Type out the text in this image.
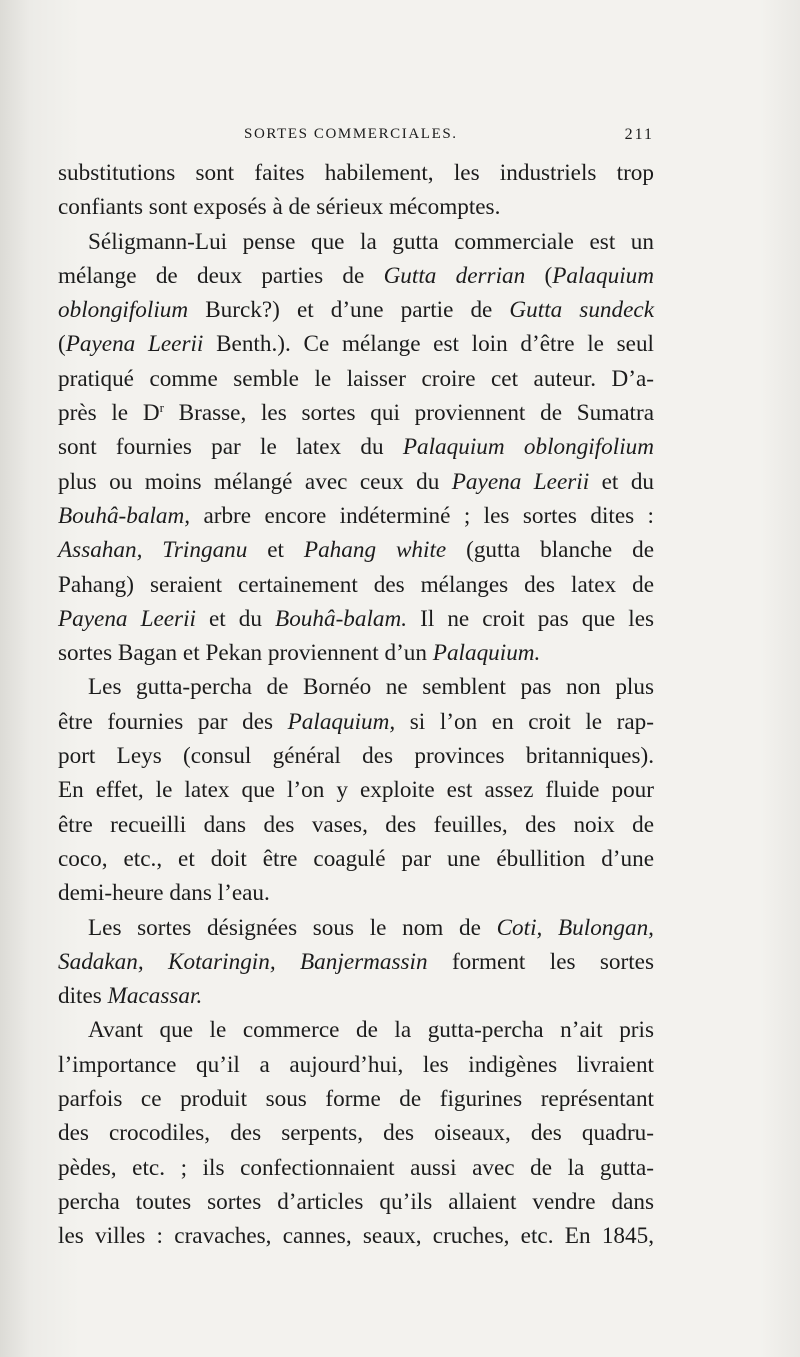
SORTES COMMERCIALES.	211
substitutions sont faites habilement, les industriels trop
confiants sont exposés à de sérieux mécomptes.
Séligmann-Lui pense que la gutta commerciale est un
mélange de deux parties de Gutta derrian (Palaquium
oblongifolium Burck?) et d’une partie de Gutta sundeck
(Payena Leerii Benth.). Ce mélange est loin d’être le seul
pratiqué comme semble le laisser croire cet auteur. D’a-
près le $D^r$ Brasse, les sortes qui proviennent de Sumatra
sont fournies par le latex du Palaquium oblongifolium
plus ou moins mélangé avec ceux du Payena Leerii et du
Bouhâ-balam, arbre encore indéterminé ; les sortes dites :
Assahan, Tringanu et Pahang white (gutta blanche de
Pahang) seraient certainement des mélanges des latex de
Payena Leerii et du Bouhâ-balam. Il ne croit pas que les
sortes Bagan et Pekan proviennent d’un Palaquium.
Les gutta-percha de Bornéo ne semblent pas non plus
être fournies par des Palaquium, si l’on en croit le rap-
port Leys (consul général des provinces britanniques).
En effet, le latex que l’on y exploite est assez fluide pour
être recueilli dans des vases, des feuilles, des noix de
coco, etc., et doit être coagulé par une ébullition d’une
demi-heure dans l’eau.
Les sortes désignées sous le nom de Coti, Bulongan,
Sadakan, Kotaringin, Banjermassin forment les sortes
dites Macassar.
Avant que le commerce de la gutta-percha n’ait pris
l’importance qu’il a aujourd’hui, les indigènes livraient
parfois ce produit sous forme de figurines représentant
des crocodiles, des serpents, des oiseaux, des quadru-
pèdes, etc. ; ils confectionnaient aussi avec de la gutta-
percha toutes sortes d’articles qu’ils allaient vendre dans
les villes : cravaches, cannes, seaux, cruches, etc. En 1845,
